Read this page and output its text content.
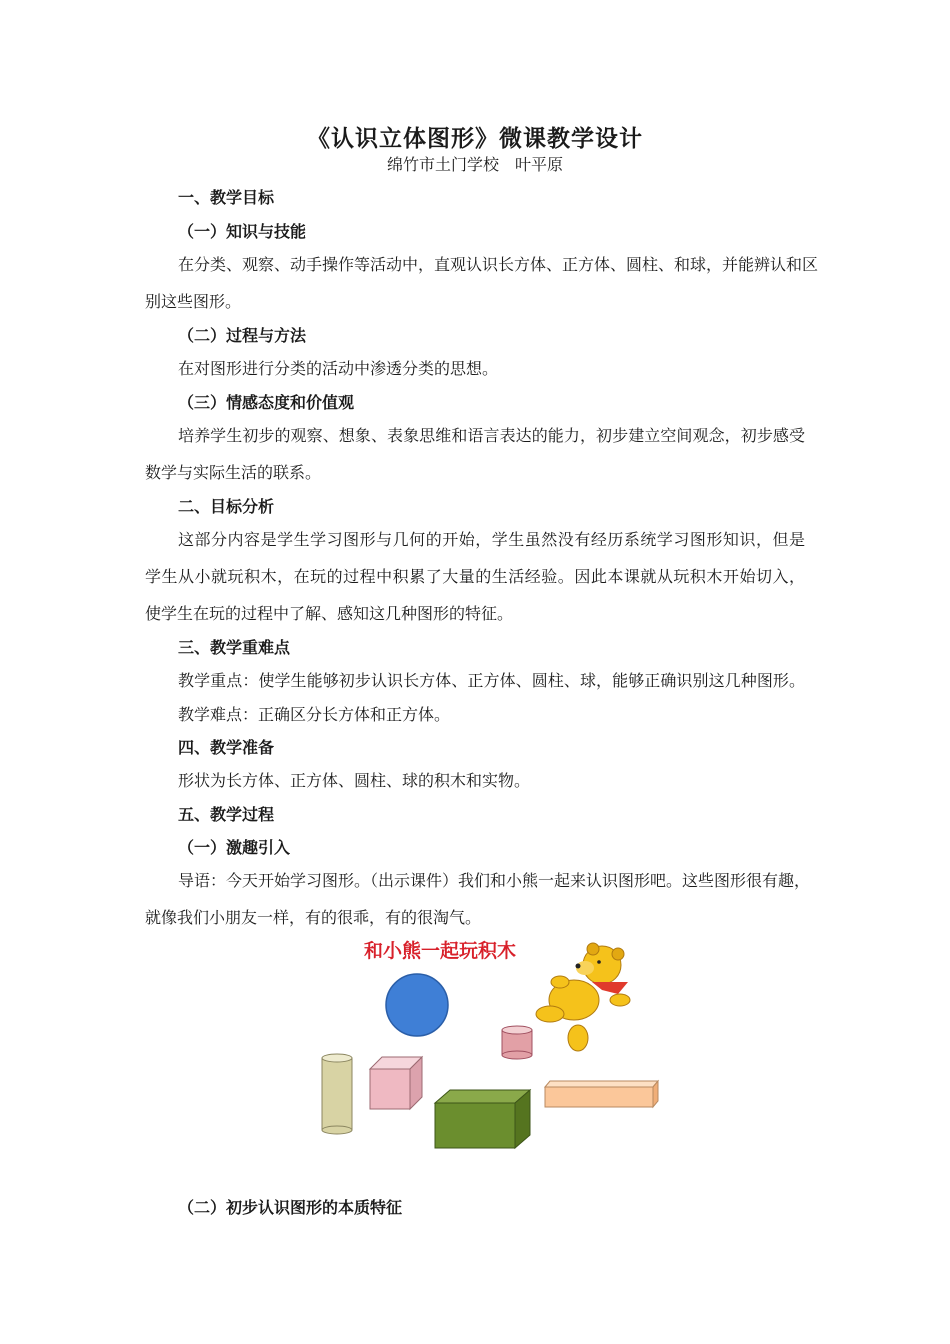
《认识立体图形》微课教学设计
绵竹市土门学校　叶平原
一、教学目标
（一）知识与技能
在分类、观察、动手操作等活动中，直观认识长方体、正方体、圆柱、和球，并能辨认和区
别这些图形。
（二）过程与方法
在对图形进行分类的活动中渗透分类的思想。
（三）情感态度和价值观
培养学生初步的观察、想象、表象思维和语言表达的能力，初步建立空间观念，初步感受
数学与实际生活的联系。
二、目标分析
这部分内容是学生学习图形与几何的开始，学生虽然没有经历系统学习图形知识，但是
学生从小就玩积木，在玩的过程中积累了大量的生活经验。因此本课就从玩积木开始切入，
使学生在玩的过程中了解、感知这几种图形的特征。
三、教学重难点
教学重点：使学生能够初步认识长方体、正方体、圆柱、球，能够正确识别这几种图形。
教学难点：正确区分长方体和正方体。
四、教学准备
形状为长方体、正方体、圆柱、球的积木和实物。
五、教学过程
（一）激趣引入
导语：今天开始学习图形。（出示课件）我们和小熊一起来认识图形吧。这些图形很有趣，
就像我们小朋友一样，有的很乖，有的很淘气。
和小熊一起玩积木
（二）初步认识图形的本质特征
